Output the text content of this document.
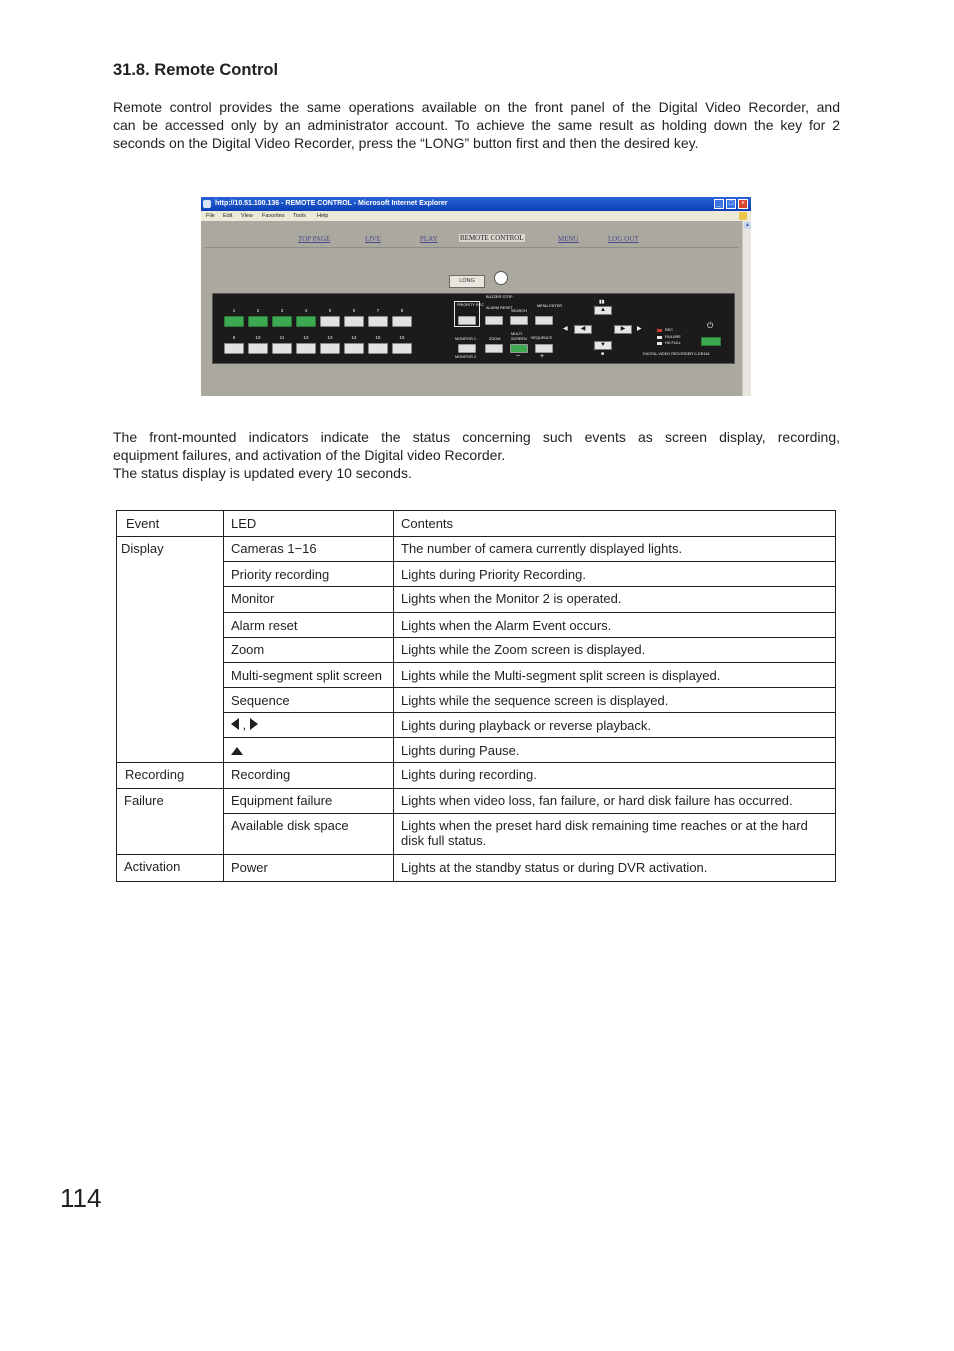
31.8. Remote Control

Remote control provides the same operations available on the front panel of the Digital Video Recorder, and
can be accessed only by an administrator account. To achieve the same result as holding down the key for 2
seconds on the Digital Video Recorder, press the “LONG” button first and then the desired key.

http://10.51.100.136 - REMOTE CONTROL - Microsoft Internet Explorer	_	□	×
File Edit View Favorites Tools Help
TOP PAGE	LIVE	PLAY	REMOTE CONTROL	MENU	LOG OUT
LONG
1	2	3	4	5	6	7	8
9	10	11	12	13	14	15	16
PRIORITY REC
BUZZER STOP
ALARM RESET
SEARCH
MENU ENTER
MONITOR 1
MONITOR 2
ZOOM
MULTI SCREEN	SEQUENCE
−	+
▮▮
▲
◀	▶
▼
◀	▶
■
REC
FAILURE
HD FULL
⏻
DIGITAL VIDEO RECORDER C-DR161
▲

The front-mounted indicators indicate the status concerning such events as screen display, recording,
equipment failures, and activation of the Digital video Recorder.
The status display is updated every 10 seconds.

Event	LED	Contents
Display	Cameras 1−16	The number of camera currently displayed lights.
	Priority recording	Lights during Priority Recording.
	Monitor	Lights when the Monitor 2 is operated.
	Alarm reset	Lights when the Alarm Event occurs.
	Zoom	Lights while the Zoom screen is displayed.
	Multi-segment split screen	Lights while the Multi-segment split screen is displayed.
	Sequence	Lights while the sequence screen is displayed.
	,	Lights during playback or reverse playback.
		Lights during Pause.
Recording	Recording	Lights during recording.
Failure	Equipment failure	Lights when video loss, fan failure, or hard disk failure has occurred.
	Available disk space	Lights when the preset hard disk remaining time reaches or at the hard disk full status.
Activation	Power	Lights at the standby status or during DVR activation.
114
